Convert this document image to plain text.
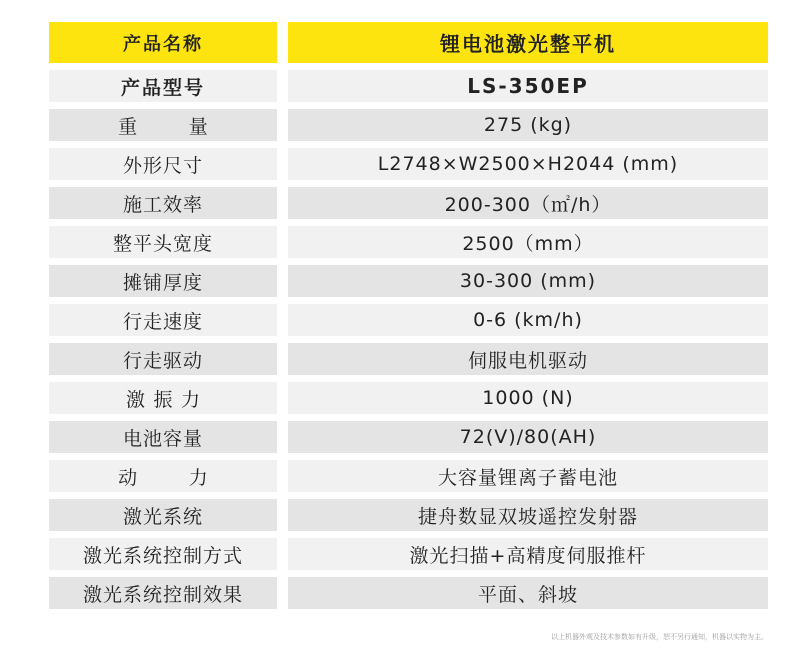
产品名称	锂电池激光整平机
产品型号	LS-350EP
重 量	275 (kg)
外形尺寸	L2748×W2500×H2044 (mm)
施工效率	200-300（㎡/h）
整平头宽度	2500（mm）
摊铺厚度	30-300 (mm)
行走速度	0-6 (km/h)
行走驱动	伺服电机驱动
激振力	1000 (N)
电池容量	72(V)/80(AH)
动 力	大容量锂离子蓄电池
激光系统	捷舟数显双坡遥控发射器
激光系统控制方式	激光扫描+高精度伺服推杆
激光系统控制效果	平面、斜坡
以上机器外观及技术参数如有升级，恕不另行通知，机器以实物为主。
